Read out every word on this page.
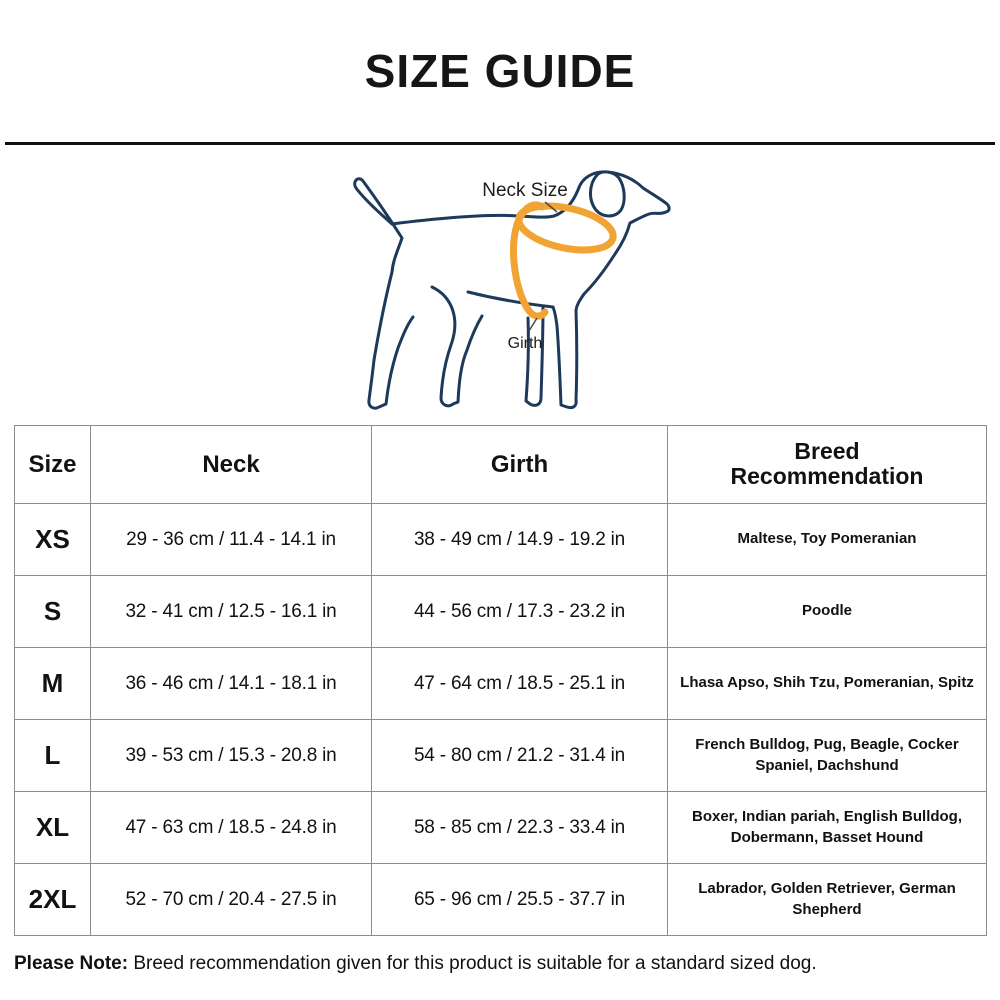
SIZE GUIDE
Neck Size
Girth
Size	Neck	Girth	Breed Recommendation
XS	29 - 36 cm / 11.4 - 14.1 in	38 - 49 cm / 14.9 - 19.2 in	Maltese, Toy Pomeranian
S	32 - 41 cm / 12.5 - 16.1 in	44 - 56 cm / 17.3 - 23.2 in	Poodle
M	36 - 46 cm / 14.1 - 18.1 in	47 - 64 cm / 18.5 - 25.1 in	Lhasa Apso, Shih Tzu, Pomeranian, Spitz
L	39 - 53 cm / 15.3 - 20.8 in	54 - 80 cm / 21.2 - 31.4 in	French Bulldog, Pug, Beagle, Cocker Spaniel, Dachshund
XL	47 - 63 cm / 18.5 - 24.8 in	58 - 85 cm / 22.3 - 33.4 in	Boxer, Indian pariah, English Bulldog, Dobermann, Basset Hound
2XL	52 - 70 cm / 20.4 - 27.5 in	65 - 96 cm / 25.5 - 37.7 in	Labrador, Golden Retriever, German Shepherd

Please Note: Breed recommendation given for this product is suitable for a standard sized dog.
